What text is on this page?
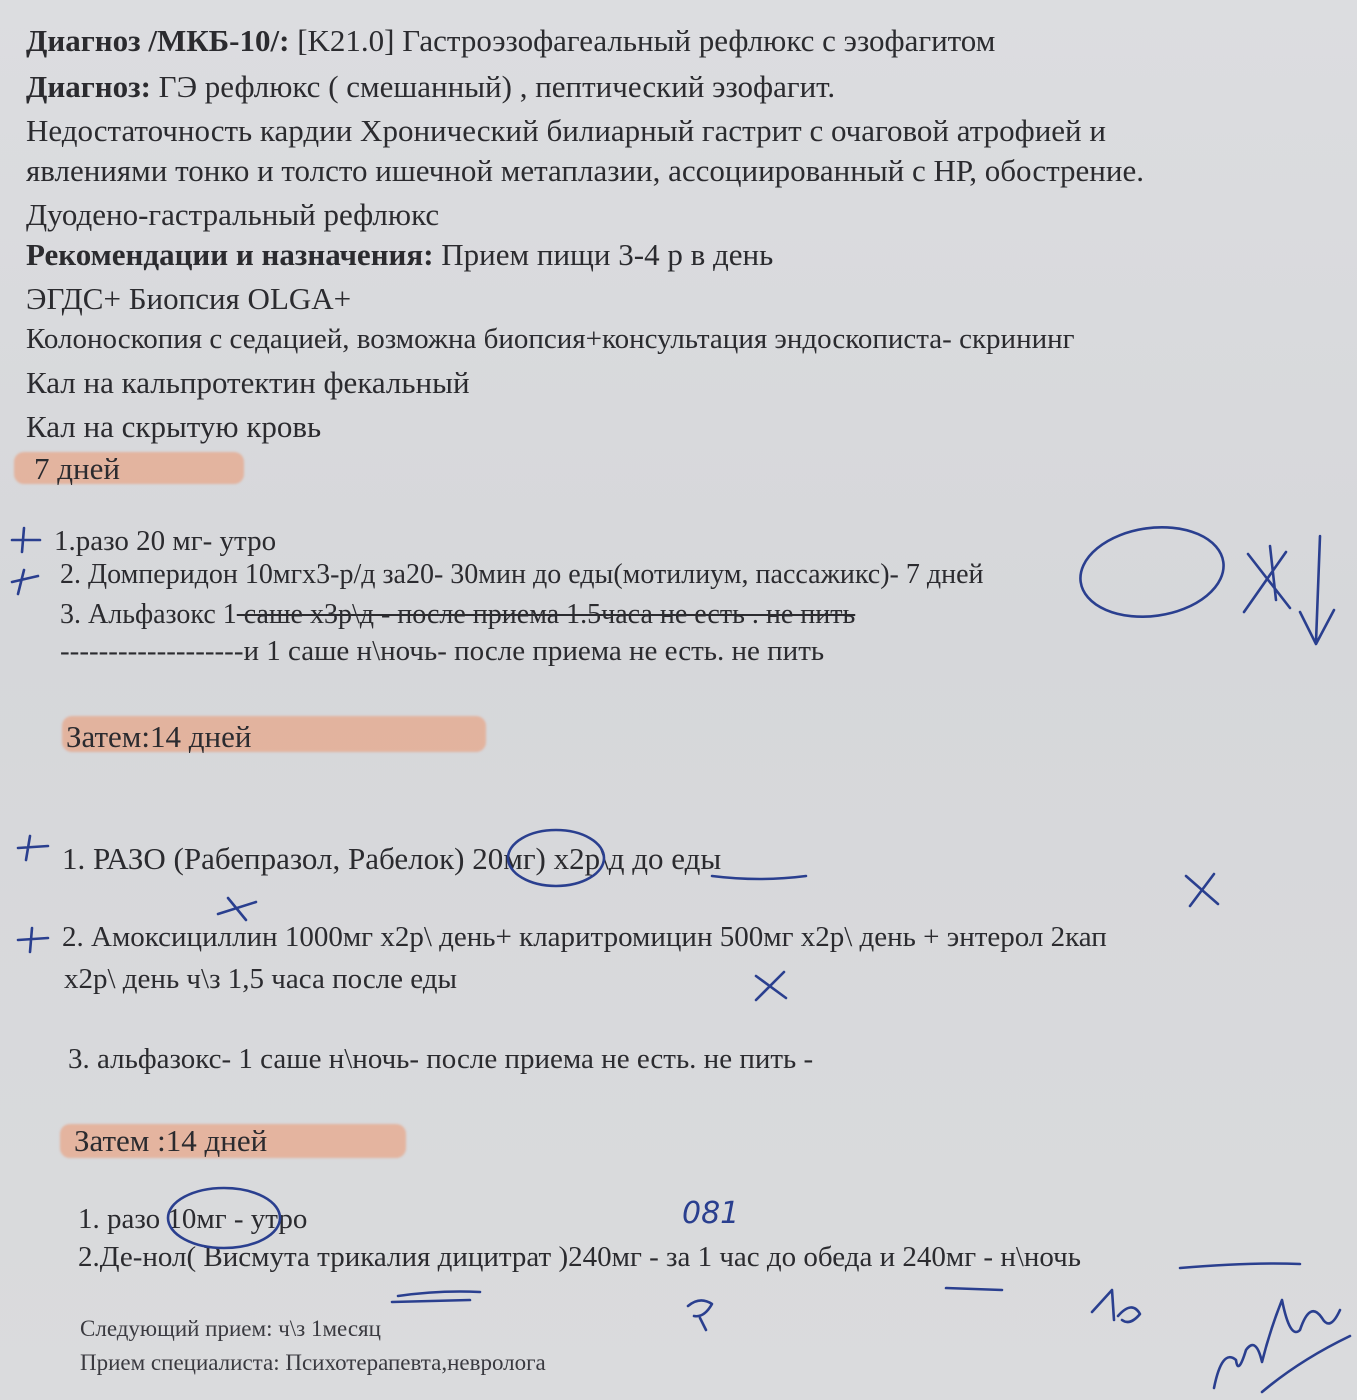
Диагноз /МКБ-10/: [K21.0] Гастроэзофагеальный рефлюкс с эзофагитом
Диагноз: ГЭ рефлюкс ( смешанный) , пептический эзофагит.
Недостаточность кардии Хронический билиарный гастрит с очаговой атрофией и
явлениями тонко и толсто ишечной метаплазии, ассоциированный с НР, обострение.
Дуодено-гастральный рефлюкс
Рекомендации и назначения: Прием пищи 3-4 р в день
ЭГДС+ Биопсия OLGA+
Колоноскопия с седацией, возможна биопсия+консультация эндоскописта- скрининг
Кал на кальпротектин фекальный
Кал на скрытую кровь
7 дней
1.разо 20 мг- утро
2. Домперидон 10мгх3-р/д за20- 30мин до еды(мотилиум, пассажикс)- 7 дней
3. Альфазокс 1 саше х3р\д - после приема 1.5часа не есть . не пить
-------------------и 1 саше н\ночь- после приема не есть. не пить
Затем:14 дней
1. РАЗО (Рабепразол, Рабелок) 20мг) х2р\д до еды
2. Амоксициллин 1000мг х2р\ день+ кларитромицин 500мг х2р\ день + энтерол 2кап
х2р\ день ч\з 1,5 часа после еды
3. альфазокс- 1 саше н\ночь- после приема не есть. не пить -
Затем :14 дней
1. разо 10мг - утро
2.Де-нол( Висмута трикалия дицитрат )240мг - за 1 час до обеда и 240мг - н\ночь
Следующий прием: ч\з 1месяц
Прием специалиста: Психотерапевта,невролога
081
